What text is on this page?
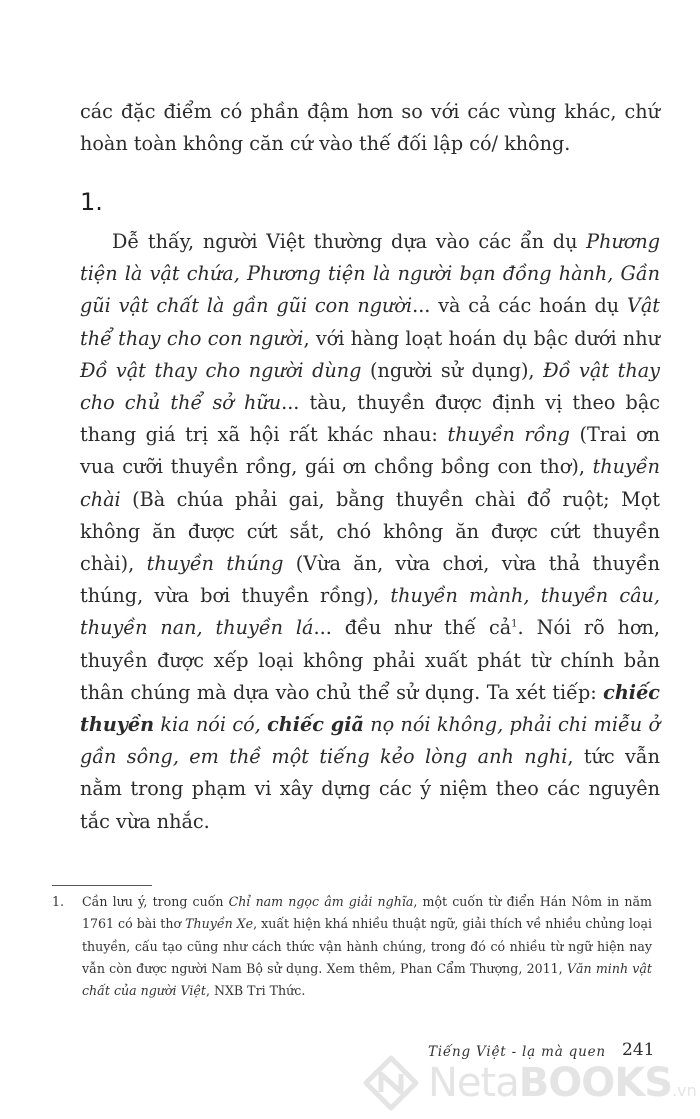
các đặc điểm có phần đậm hơn so với các vùng khác, chứ hoàn toàn không căn cứ vào thế đối lập có/ không.

1.

Dễ thấy, người Việt thường dựa vào các ẩn dụ Phương tiện là vật chứa, Phương tiện là người bạn đồng hành, Gần gũi vật chất là gần gũi con người... và cả các hoán dụ Vật thể thay cho con người, với hàng loạt hoán dụ bậc dưới như Đồ vật thay cho người dùng (người sử dụng), Đồ vật thay cho chủ thể sở hữu... tàu, thuyền được định vị theo bậc thang giá trị xã hội rất khác nhau: thuyền rồng (Trai ơn vua cưỡi thuyền rồng, gái ơn chồng bồng con thơ), thuyền chài (Bà chúa phải gai, bằng thuyền chài đổ ruột; Mọt không ăn được cứt sắt, chó không ăn được cứt thuyền chài), thuyền thúng (Vừa ăn, vừa chơi, vừa thả thuyền thúng, vừa bơi thuyền rồng), thuyền mành, thuyền câu, thuyền nan, thuyền lá... đều như thế cả$^1$. Nói rõ hơn, thuyền được xếp loại không phải xuất phát từ chính bản thân chúng mà dựa vào chủ thể sử dụng. Ta xét tiếp: chiếc thuyền kia nói có, chiếc giã nọ nói không, phải chi miễu ở gần sông, em thề một tiếng kẻo lòng anh nghi, tức vẫn nằm trong phạm vi xây dựng các ý niệm theo các nguyên tắc vừa nhắc.

1. Cần lưu ý, trong cuốn Chỉ nam ngọc âm giải nghĩa, một cuốn từ điển Hán Nôm in năm 1761 có bài thơ Thuyền Xe, xuất hiện khá nhiều thuật ngữ, giải thích về nhiều chủng loại thuyền, cấu tạo cũng như cách thức vận hành chúng, trong đó có nhiều từ ngữ hiện nay vẫn còn được người Nam Bộ sử dụng. Xem thêm, Phan Cẩm Thượng, 2011, Văn minh vật chất của người Việt, NXB Tri Thức.

Tiếng Việt - lạ mà quen 241
NetaBOOKS.vn
